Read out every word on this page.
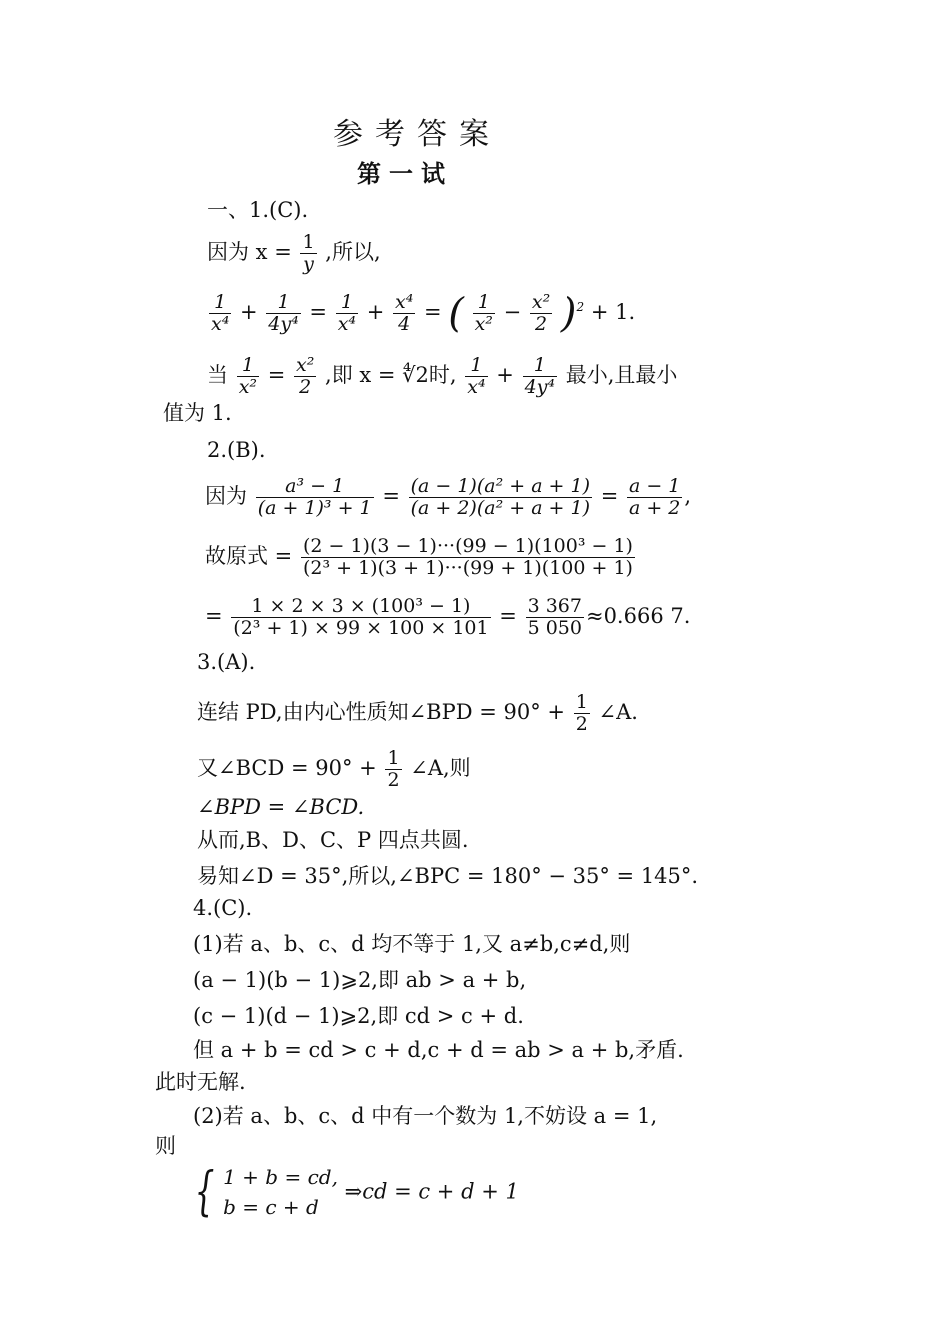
参考答案
第一试
一、1.(C).
因为 $x = \frac{1}{y}$ ,所以,
$\frac{1}{\text{x⁴}} + \frac{1}{\text{4y⁴}} = \frac{1}{\text{x⁴}} + \frac{\text{x⁴}}{4}$ = ( $\frac{1}{\text{x²}} - \frac{\text{x²}}{2} )^2 + 1$.
当 $\frac{1}{\text{x²}} = \frac{\text{x²}}{2}$ ,即 x = ∜2时, $\frac{1}{\text{x⁴}} + \frac{1}{\text{4y⁴}}$ 最小,且最小
值为 1.
2.(B).
因为 $\frac{\text{a³ − 1}}{\text{(a + 1)³ + 1}} = \frac{\text{(a − 1)(a² + a + 1)}}{\text{(a + 2)(a² + a + 1)}} = \frac{a - 1}{a + 2}$ ,
故原式 = $\frac{\text{(2 − 1)(3 − 1)···(99 − 1)(100³ − 1)}}{\text{(2³ + 1)(3 + 1)···(99 + 1)(100 + 1)}}$
= $\frac{\text{1 × 2 × 3 × (100³ − 1)}}{\text{(2³ + 1) × 99 × 100 × 101}} = \frac{3 367}{5 050} \approx 0.666$ 7.
3.(A).
连结 PD,由内心性质知∠BPD = $90^\circ + \frac{1}{2}$ ∠A.
又∠BCD = $90^\circ + \frac{1}{2}$ ∠A,则
∠BPD = ∠BCD.
从而,B、D、C、P 四点共圆.
易知∠D = 35°,所以,∠BPC = 180° − 35° = 145°.
4.(C).
(1)若 a、b、c、d 均不等于 1,又 a≠b,c≠d,则
(a − 1)(b − 1)⩾2,即 ab > a + b,
(c − 1)(d − 1)⩾2,即 cd > c + d.
但 a + b = cd > c + d,c + d = ab > a + b,矛盾.
此时无解.
(2)若 a、b、c、d 中有一个数为 1,不妨设 a = 1,
则
{ 1 + b = cd,
b = c + d
⇒cd = c + d + 1
